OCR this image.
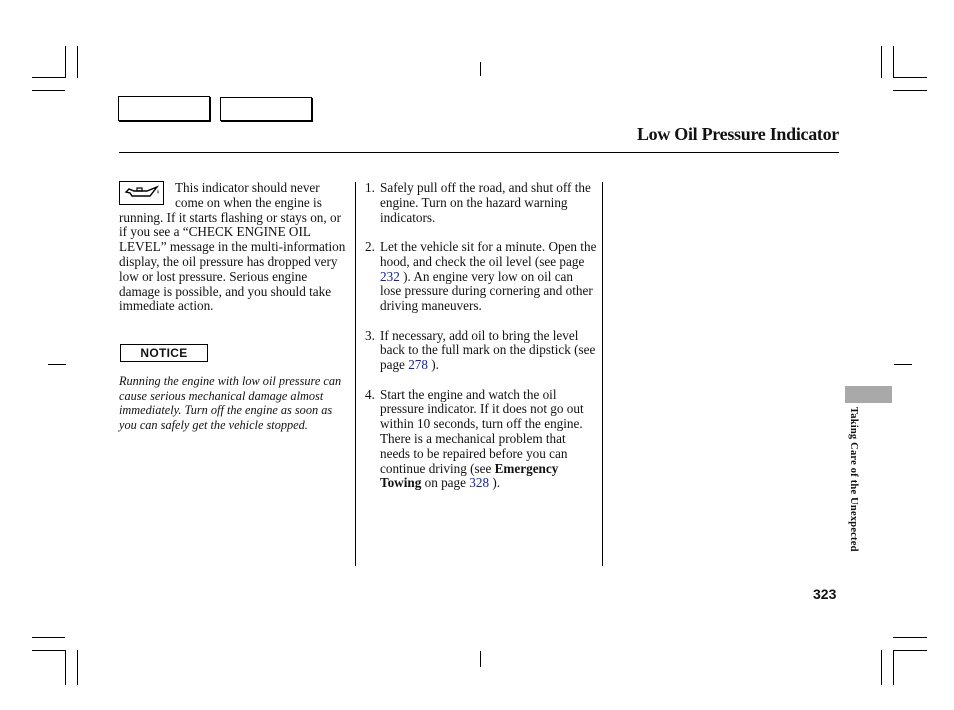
Low Oil Pressure Indicator
This indicator should never
come on when the engine is
running. If it starts flashing or stays on, or if you see a “CHECK ENGINE OIL LEVEL” message in the multi-information display, the oil pressure has dropped very low or lost pressure. Serious engine damage is possible, and you should take immediate action.
NOTICE
Running the engine with low oil pressure can cause serious mechanical damage almost immediately. Turn off the engine as soon as you can safely get the vehicle stopped.
1. Safely pull off the road, and shut off the engine. Turn on the hazard warning indicators.
2. Let the vehicle sit for a minute. Open the hood, and check the oil level (see page 232 ). An engine very low on oil can lose pressure during cornering and other driving maneuvers.
3. If necessary, add oil to bring the level back to the full mark on the dipstick (see page 278 ).
4. Start the engine and watch the oil pressure indicator. If it does not go out within 10 seconds, turn off the engine. There is a mechanical problem that needs to be repaired before you can continue driving (see Emergency Towing on page 328 ).	Taking Care of the Unexpected
323
